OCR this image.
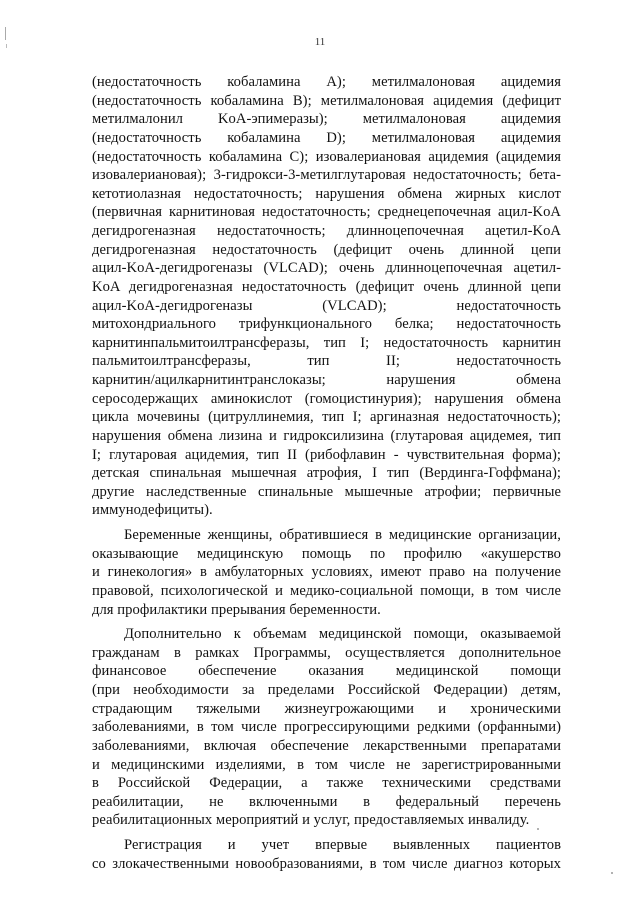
11
(недостаточность кобаламина A); метилмалоновая ацидемия
(недостаточность кобаламина B); метилмалоновая ацидемия (дефицит
метилмалонил KoA-эпимеразы); метилмалоновая ацидемия
(недостаточность кобаламина D); метилмалоновая ацидемия
(недостаточность кобаламина C); изовалериановая ацидемия (ацидемия
изовалериановая); 3-гидрокси-3-метилглутаровая недостаточность; бета-
кетотиолазная недостаточность; нарушения обмена жирных кислот
(первичная карнитиновая недостаточность; среднецепочечная ацил-KoA
дегидрогеназная недостаточность; длинноцепочечная ацетил-KoA
дегидрогеназная недостаточность (дефицит очень длинной цепи
ацил-KoA-дегидрогеназы (VLCAD); очень длинноцепочечная ацетил-
KoA дегидрогеназная недостаточность (дефицит очень длинной цепи
ацил-KoA-дегидрогеназы	(VLCAD);	недостаточность
митохондриального трифункционального белка; недостаточность
карнитинпальмитоилтрансферазы, тип I; недостаточность карнитин
пальмитоилтрансферазы,	тип	II;	недостаточность
карнитин/ацилкарнитинтранслоказы;	нарушения	обмена
серосодержащих аминокислот (гомоцистинурия); нарушения обмена
цикла мочевины (цитруллинемия, тип I; аргиназная недостаточность);
нарушения обмена лизина и гидроксилизина (глутаровая ацидемея, тип
I; глутаровая ацидемия, тип II (рибофлавин - чувствительная форма);
детская спинальная мышечная атрофия, I тип (Вердинга-Гоффмана);
другие наследственные спинальные мышечные атрофии; первичные
иммунодефициты).
Беременные женщины, обратившиеся в медицинские организации,
оказывающие медицинскую помощь по профилю «акушерство
и гинекология» в амбулаторных условиях, имеют право на получение
правовой, психологической и медико-социальной помощи, в том числе
для профилактики прерывания беременности.
Дополнительно к объемам медицинской помощи, оказываемой
гражданам в рамках Программы, осуществляется дополнительное
финансовое обеспечение оказания медицинской помощи
(при необходимости за пределами Российской Федерации) детям,
страдающим тяжелыми жизнеугрожающими и хроническими
заболеваниями, в том числе прогрессирующими редкими (орфанными)
заболеваниями, включая обеспечение лекарственными препаратами
и медицинскими изделиями, в том числе не зарегистрированными
в Российской Федерации, а также техническими средствами
реабилитации, не включенными в федеральный перечень
реабилитационных мероприятий и услуг, предоставляемых инвалиду.
Регистрация и учет впервые выявленных пациентов
со злокачественными новообразованиями, в том числе диагноз которых
